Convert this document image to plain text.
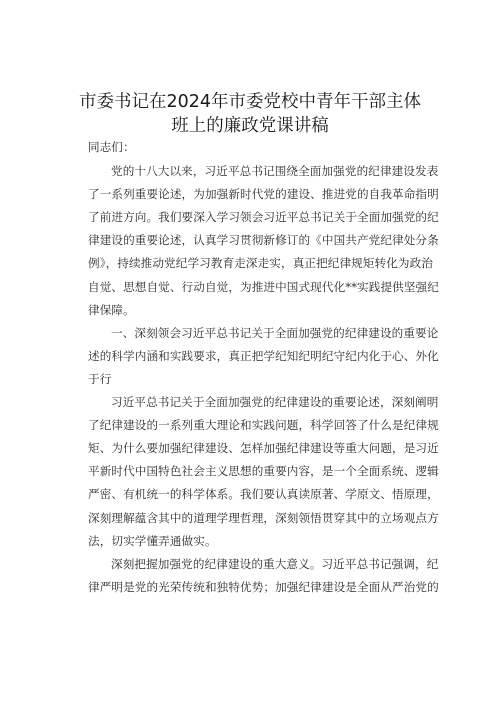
市委书记在2024年市委党校中青年干部主体
班上的廉政党课讲稿
同志们：
党的十八大以来，习近平总书记围绕全面加强党的纪律建设发表
了一系列重要论述，为加强新时代党的建设、推进党的自我革命指明
了前进方向。我们要深入学习领会习近平总书记关于全面加强党的纪
律建设的重要论述，认真学习贯彻新修订的《中国共产党纪律处分条
例》，持续推动党纪学习教育走深走实，真正把纪律规矩转化为政治
自觉、思想自觉、行动自觉，为推进中国式现代化**实践提供坚强纪
律保障。
一、深刻领会习近平总书记关于全面加强党的纪律建设的重要论
述的科学内涵和实践要求，真正把学纪知纪明纪守纪内化于心、外化
于行
习近平总书记关于全面加强党的纪律建设的重要论述，深刻阐明
了纪律建设的一系列重大理论和实践问题，科学回答了什么是纪律规
矩、为什么要加强纪律建设、怎样加强纪律建设等重大问题，是习近
平新时代中国特色社会主义思想的重要内容，是一个全面系统、逻辑
严密、有机统一的科学体系。我们要认真读原著、学原文、悟原理，
深刻理解蕴含其中的道理学理哲理，深刻领悟贯穿其中的立场观点方
法，切实学懂弄通做实。
深刻把握加强党的纪律建设的重大意义。习近平总书记强调，纪
律严明是党的光荣传统和独特优势；加强纪律建设是全面从严治党的
